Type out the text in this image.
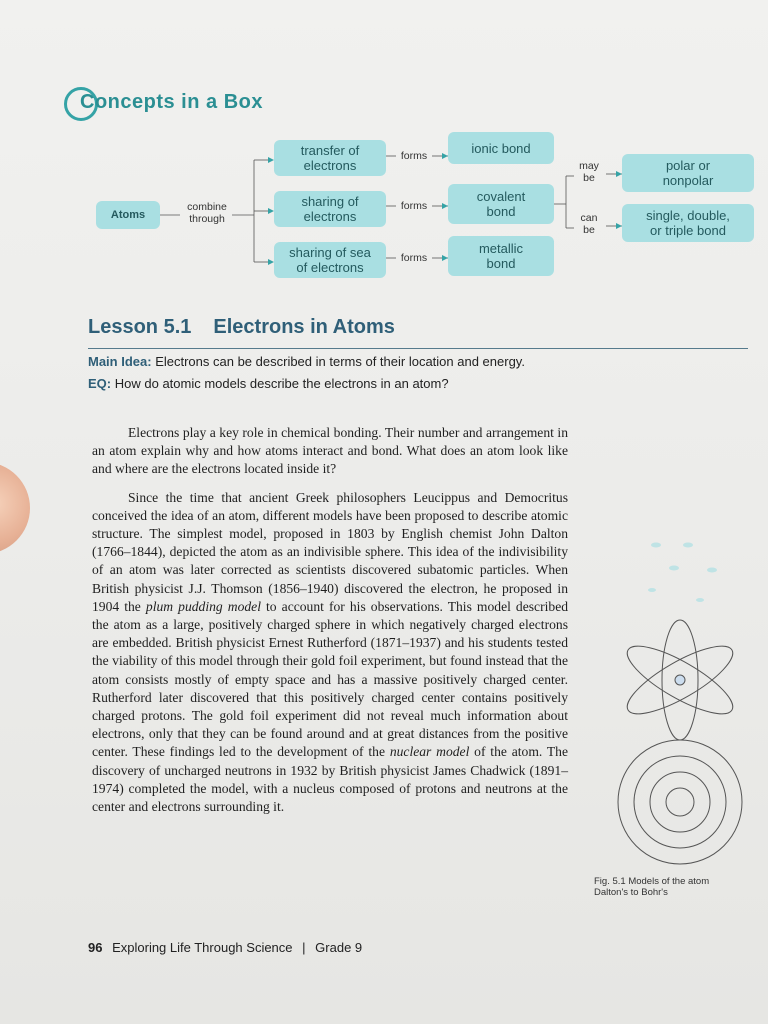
Concepts in a Box
Atoms
combine
through
transfer of
electrons
sharing of
electrons
sharing of sea
of electrons
forms
forms
forms
ionic bond
covalent
bond
metallic
bond
may
be
can
be
polar or
nonpolar
single, double,
or triple bond
Lesson 5.1 Electrons in Atoms
Main Idea: Electrons can be described in terms of their location and energy.
EQ: How do atomic models describe the electrons in an atom?

Electrons play a key role in chemical bonding. Their number and arrangement in an atom explain why and how atoms interact and bond. What does an atom look like and where are the electrons located inside it?

Since the time that ancient Greek philosophers Leucippus and Democritus conceived the idea of an atom, different models have been proposed to describe atomic structure. The simplest model, proposed in 1803 by English chemist John Dalton (1766–1844), depicted the atom as an indivisible sphere. This idea of the indivisibility of an atom was later corrected as scientists discovered subatomic particles. When British physicist J.J. Thomson (1856–1940) discovered the electron, he proposed in 1904 the plum pudding model to account for his observations. This model described the atom as a large, positively charged sphere in which negatively charged electrons are embedded. British physicist Ernest Rutherford (1871–1937) and his students tested the viability of this model through their gold foil experiment, but found instead that the atom consists mostly of empty space and has a massive positively charged center. Rutherford later discovered that this positively charged center contains positively charged protons. The gold foil experiment did not reveal much information about electrons, only that they can be found around and at great distances from the positive center. These findings led to the development of the nuclear model of the atom. The discovery of uncharged neutrons in 1932 by British physicist James Chadwick (1891–1974) completed the model, with a nucleus composed of protons and neutrons at the center and electrons surrounding it.

Fig. 5.1 Models of the atom
Dalton's to Bohr's
96 Exploring Life Through Science | Grade 9
